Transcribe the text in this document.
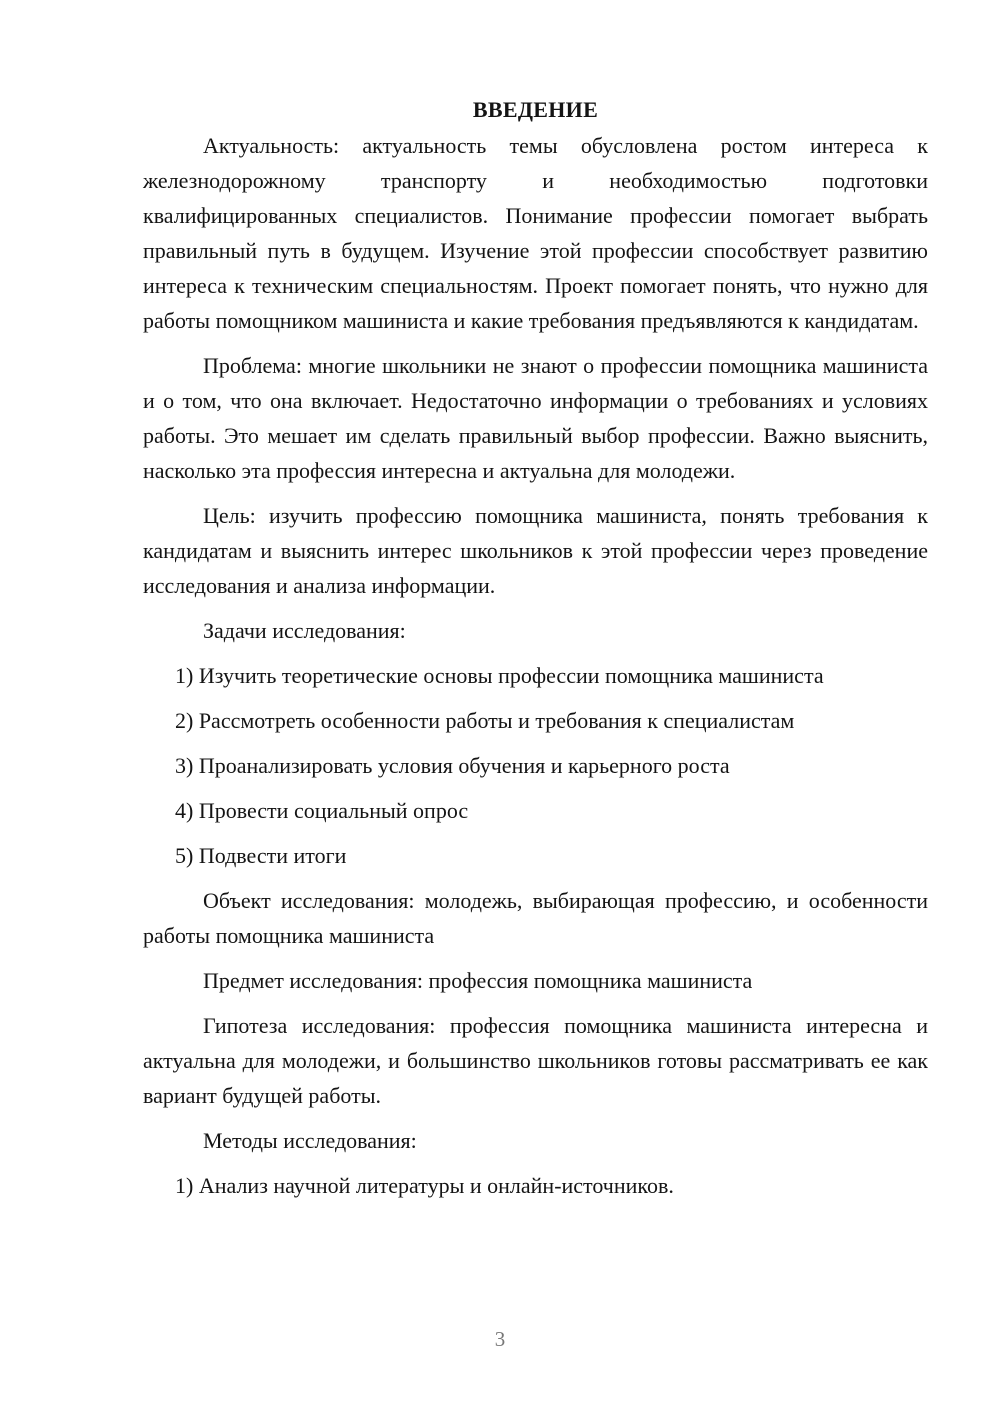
ВВЕДЕНИЕ

Актуальность: актуальность темы обусловлена ростом интереса к железнодорожному транспорту и необходимостью подготовки квалифицированных специалистов. Понимание профессии помогает выбрать правильный путь в будущем. Изучение этой профессии способствует развитию интереса к техническим специальностям. Проект помогает понять, что нужно для работы помощником машиниста и какие требования предъявляются к кандидатам.

Проблема: многие школьники не знают о профессии помощника машиниста и о том, что она включает. Недостаточно информации о требованиях и условиях работы. Это мешает им сделать правильный выбор профессии. Важно выяснить, насколько эта профессия интересна и актуальна для молодежи.

Цель: изучить профессию помощника машиниста, понять требования к кандидатам и выяснить интерес школьников к этой профессии через проведение исследования и анализа информации.

Задачи исследования:

1) Изучить теоретические основы профессии помощника машиниста

2) Рассмотреть особенности работы и требования к специалистам

3) Проанализировать условия обучения и карьерного роста

4) Провести социальный опрос

5) Подвести итоги

Объект исследования: молодежь, выбирающая профессию, и особенности работы помощника машиниста

Предмет исследования: профессия помощника машиниста

Гипотеза исследования: профессия помощника машиниста интересна и актуальна для молодежи, и большинство школьников готовы рассматривать ее как вариант будущей работы.

Методы исследования:

1) Анализ научной литературы и онлайн-источников.

3
